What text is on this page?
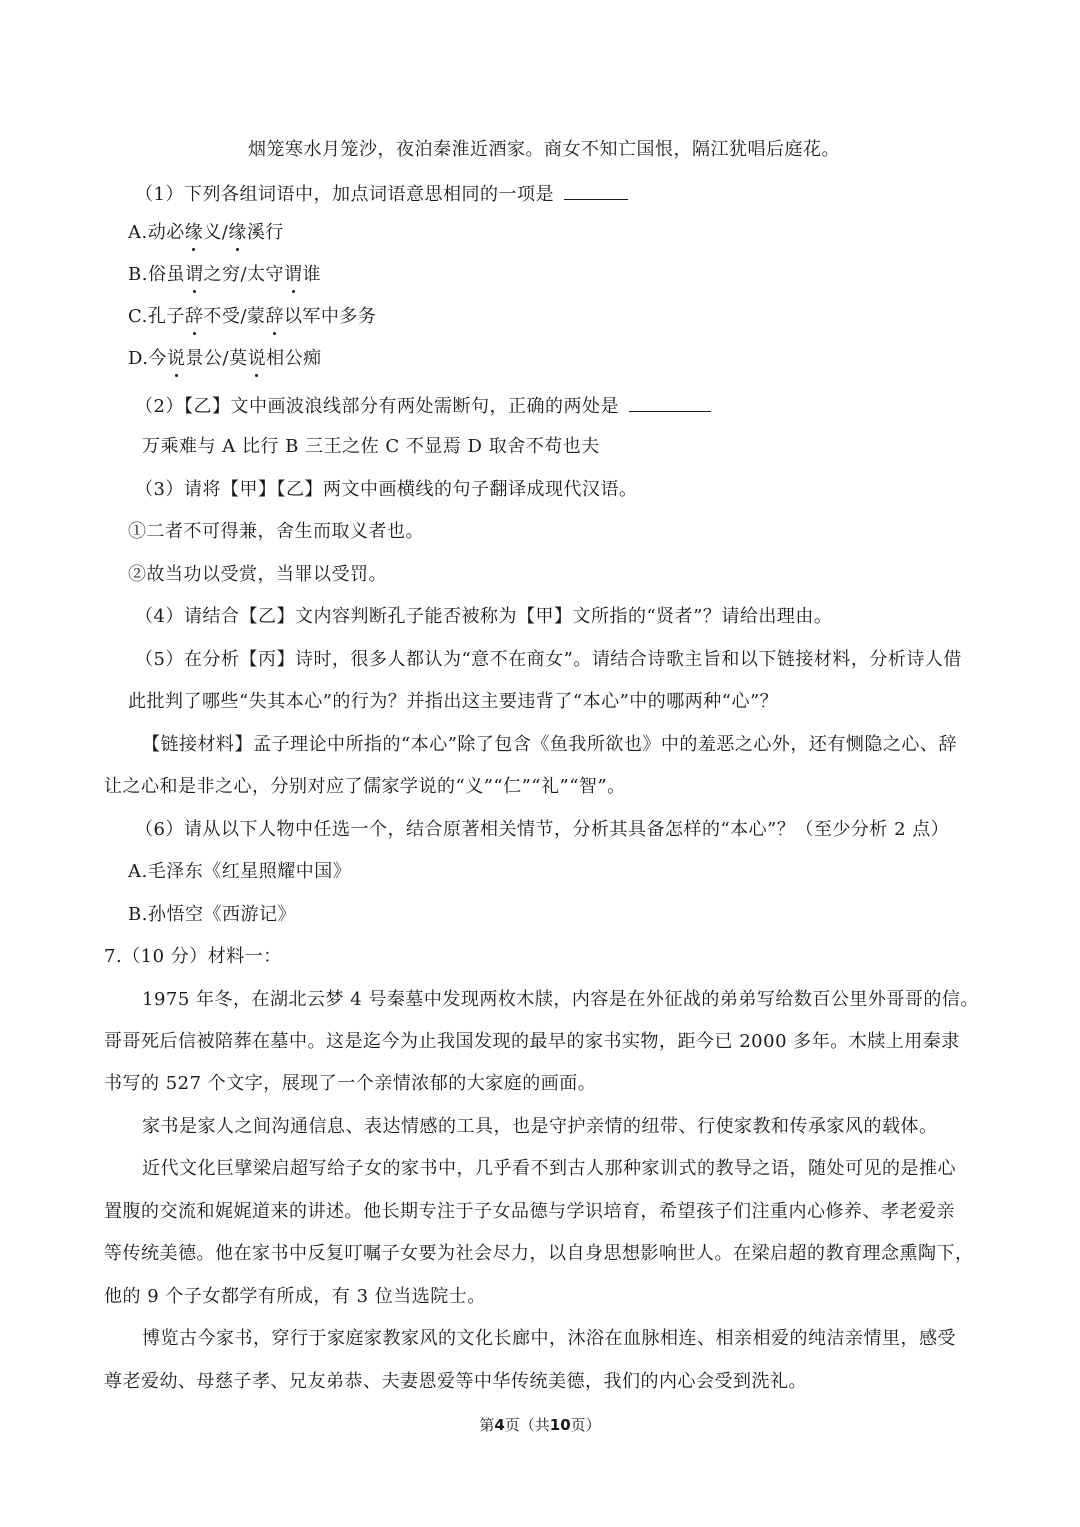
烟笼寒水月笼沙，夜泊秦淮近酒家。商女不知亡国恨，隔江犹唱后庭花。
（1）下列各组词语中，加点词语意思相同的一项是
A.动必缘义/缘溪行
B.俗虽谓之穷/太守谓谁
C.孔子辞不受/蒙辞以军中多务
D.今说景公/莫说相公痴
（2）【乙】文中画波浪线部分有两处需断句，正确的两处是
万乘难与 A 比行 B 三王之佐 C 不显焉 D 取舍不苟也夫
（3）请将【甲】【乙】两文中画横线的句子翻译成现代汉语。
①二者不可得兼，舍生而取义者也。
②故当功以受赏，当罪以受罚。
（4）请结合【乙】文内容判断孔子能否被称为【甲】文所指的“贤者”？请给出理由。
（5）在分析【丙】诗时，很多人都认为“意不在商女”。请结合诗歌主旨和以下链接材料，分析诗人借
此批判了哪些“失其本心”的行为？并指出这主要违背了“本心”中的哪两种“心”？
【链接材料】孟子理论中所指的“本心”除了包含《鱼我所欲也》中的羞恶之心外，还有恻隐之心、辞
让之心和是非之心，分别对应了儒家学说的“义”“仁”“礼”“智”。
（6）请从以下人物中任选一个，结合原著相关情节，分析其具备怎样的“本心”？（至少分析 2 点）
A.毛泽东《红星照耀中国》
B.孙悟空《西游记》
7.（10 分）材料一：
1975 年冬，在湖北云梦 4 号秦墓中发现两枚木牍，内容是在外征战的弟弟写给数百公里外哥哥的信。
哥哥死后信被陪葬在墓中。这是迄今为止我国发现的最早的家书实物，距今已 2000 多年。木牍上用秦隶
书写的 527 个文字，展现了一个亲情浓郁的大家庭的画面。
家书是家人之间沟通信息、表达情感的工具，也是守护亲情的纽带、行使家教和传承家风的载体。
近代文化巨擘梁启超写给子女的家书中，几乎看不到古人那种家训式的教导之语，随处可见的是推心
置腹的交流和娓娓道来的讲述。他长期专注于子女品德与学识培育，希望孩子们注重内心修养、孝老爱亲
等传统美德。他在家书中反复叮嘱子女要为社会尽力，以自身思想影响世人。在梁启超的教育理念熏陶下，
他的 9 个子女都学有所成，有 3 位当选院士。
博览古今家书，穿行于家庭家教家风的文化长廊中，沐浴在血脉相连、相亲相爱的纯洁亲情里，感受
尊老爱幼、母慈子孝、兄友弟恭、夫妻恩爱等中华传统美德，我们的内心会受到洗礼。
第4页（共10页）
